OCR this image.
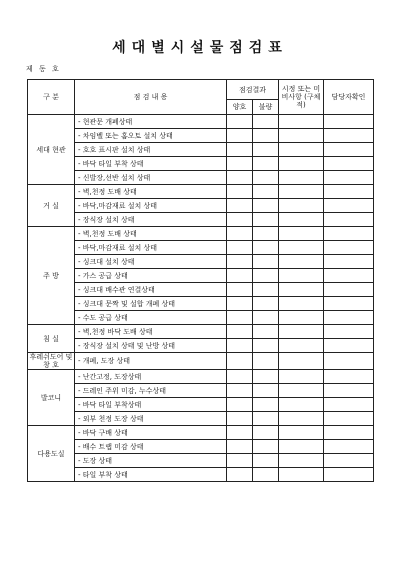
세대별시설물점검표
제 동 호
구 분	점 검 내 용	점검결과		시정 또는 미비사항 (구체적)	담당자확인
		양호	불량		
세대 현관	- 현관문 개폐상태				
	- 차임벨 또는 홈오토 설치 상태				
	- 호호 표시판 설치 상태				
	- 바닥 타일 부착 상태				
	- 신발장,선반 설치 상태				
거 실	- 벽,천정 도배 상태				
	- 바닥,마감재료 설치 상태				
	- 장식장 설치 상태				
주 방	- 벽,천정 도배 상태				
	- 바닥,마감재료 설치 상태				
	- 싱크대 설치 상태				
	- 가스 공급 상태				
	- 싱크대 배수관 연결상태				
	- 싱크대 문짝 및 설합 개폐 상태				
	- 수도 공급 상태				
침 실	- 벽,천정 바닥 도배 상태				
	- 장식장 설치 상태 및 난방 상태				
후레쉬도어 및 창 호	- 개폐, 도장 상태				
발코니	- 난간고정, 도장상태				
	- 드레인 주위 미감, 누수상태				
	- 바닥 타일 부착상태				
	- 외부 천정 도장 상태				
다용도실	- 바닥 구배 상태				
	- 배수 트랩 미감 상태				
	- 도장 상태				
	- 타일 부착 상태				
